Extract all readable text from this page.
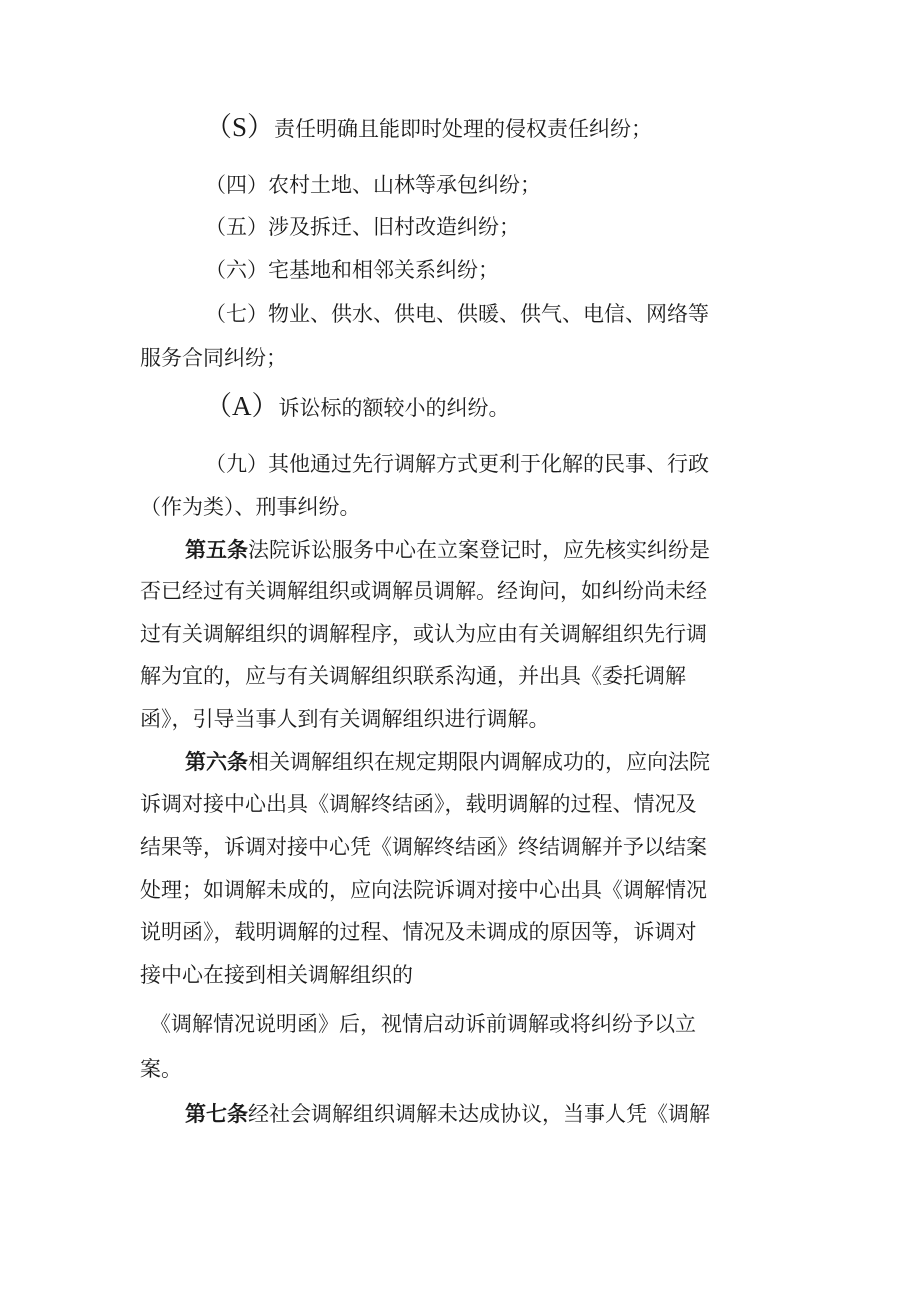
（S）责任明确且能即时处理的侵权责任纠纷；
（四）农村土地、山林等承包纠纷；
（五）涉及拆迁、旧村改造纠纷；
（六）宅基地和相邻关系纠纷；
（七）物业、供水、供电、供暖、供气、电信、网络等
服务合同纠纷；
（A）诉讼标的额较小的纠纷。
（九）其他通过先行调解方式更利于化解的民事、行政
（作为类）、刑事纠纷。
第五条法院诉讼服务中心在立案登记时，应先核实纠纷是
否已经过有关调解组织或调解员调解。经询问，如纠纷尚未经
过有关调解组织的调解程序，或认为应由有关调解组织先行调
解为宜的，应与有关调解组织联系沟通，并出具《委托调解
函》，引导当事人到有关调解组织进行调解。
第六条相关调解组织在规定期限内调解成功的，应向法院
诉调对接中心出具《调解终结函》，载明调解的过程、情况及
结果等，诉调对接中心凭《调解终结函》终结调解并予以结案
处理；如调解未成的，应向法院诉调对接中心出具《调解情况
说明函》，载明调解的过程、情况及未调成的原因等，诉调对
接中心在接到相关调解组织的
《调解情况说明函》后，视情启动诉前调解或将纠纷予以立
案。
第七条经社会调解组织调解未达成协议，当事人凭《调解
